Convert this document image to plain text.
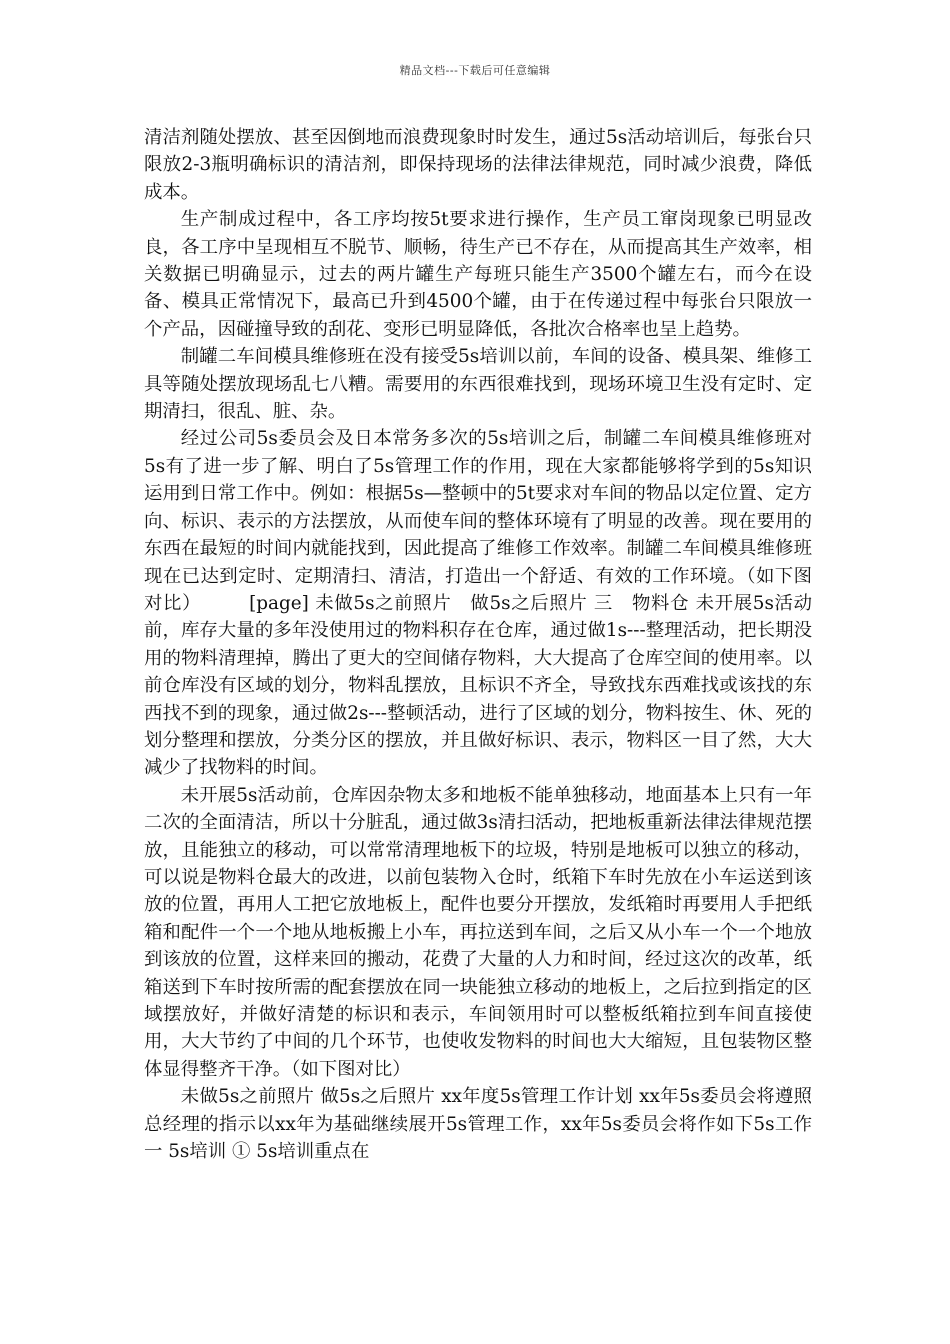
精品文档---下载后可任意编辑

清洁剂随处摆放、甚至因倒地而浪费现象时时发生，通过5s活动培训后，每张台只限放2-3瓶明确标识的清洁剂，即保持现场的法律法律规范，同时减少浪费，降低成本。

生产制成过程中，各工序均按5t要求进行操作，生产员工窜岗现象已明显改良，各工序中呈现相互不脱节、顺畅，待生产已不存在，从而提高其生产效率，相关数据已明确显示，过去的两片罐生产每班只能生产3500个罐左右，而今在设备、模具正常情况下，最高已升到4500个罐，由于在传递过程中每张台只限放一个产品，因碰撞导致的刮花、变形已明显降低，各批次合格率也呈上趋势。

制罐二车间模具维修班在没有接受5s培训以前，车间的设备、模具架、维修工具等随处摆放现场乱七八糟。需要用的东西很难找到，现场环境卫生没有定时、定期清扫，很乱、脏、杂。

经过公司5s委员会及日本常务多次的5s培训之后，制罐二车间模具维修班对5s有了进一步了解、明白了5s管理工作的作用，现在大家都能够将学到的5s知识运用到日常工作中。例如：根据5s—整顿中的5t要求对车间的物品以定位置、定方向、标识、表示的方法摆放，从而使车间的整体环境有了明显的改善。现在要用的东西在最短的时间内就能找到，因此提高了维修工作效率。制罐二车间模具维修班现在已达到定时、定期清扫、清洁，打造出一个舒适、有效的工作环境。（如下图对比）　　　[page] 未做5s之前照片　做5s之后照片 三　物料仓 未开展5s活动前，库存大量的多年没使用过的物料积存在仓库，通过做1s---整理活动，把长期没用的物料清理掉，腾出了更大的空间储存物料，大大提高了仓库空间的使用率。以前仓库没有区域的划分，物料乱摆放，且标识不齐全，导致找东西难找或该找的东西找不到的现象，通过做2s---整顿活动，进行了区域的划分，物料按生、休、死的划分整理和摆放，分类分区的摆放，并且做好标识、表示，物料区一目了然，大大减少了找物料的时间。

未开展5s活动前，仓库因杂物太多和地板不能单独移动，地面基本上只有一年二次的全面清洁，所以十分脏乱，通过做3s清扫活动，把地板重新法律法律规范摆放，且能独立的移动，可以常常清理地板下的垃圾，特别是地板可以独立的移动，可以说是物料仓最大的改进，以前包装物入仓时，纸箱下车时先放在小车运送到该放的位置，再用人工把它放地板上，配件也要分开摆放，发纸箱时再要用人手把纸箱和配件一个一个地从地板搬上小车，再拉送到车间，之后又从小车一个一个地放到该放的位置，这样来回的搬动，花费了大量的人力和时间，经过这次的改革，纸箱送到下车时按所需的配套摆放在同一块能独立移动的地板上，之后拉到指定的区域摆放好，并做好清楚的标识和表示，车间领用时可以整板纸箱拉到车间直接使用，大大节约了中间的几个环节，也使收发物料的时间也大大缩短，且包装物区整体显得整齐干净。（如下图对比）

未做5s之前照片 做5s之后照片 xx年度5s管理工作计划 xx年5s委员会将遵照总经理的指示以xx年为基础继续展开5s管理工作，xx年5s委员会将作如下5s工作 一 5s培训 ① 5s培训重点在
